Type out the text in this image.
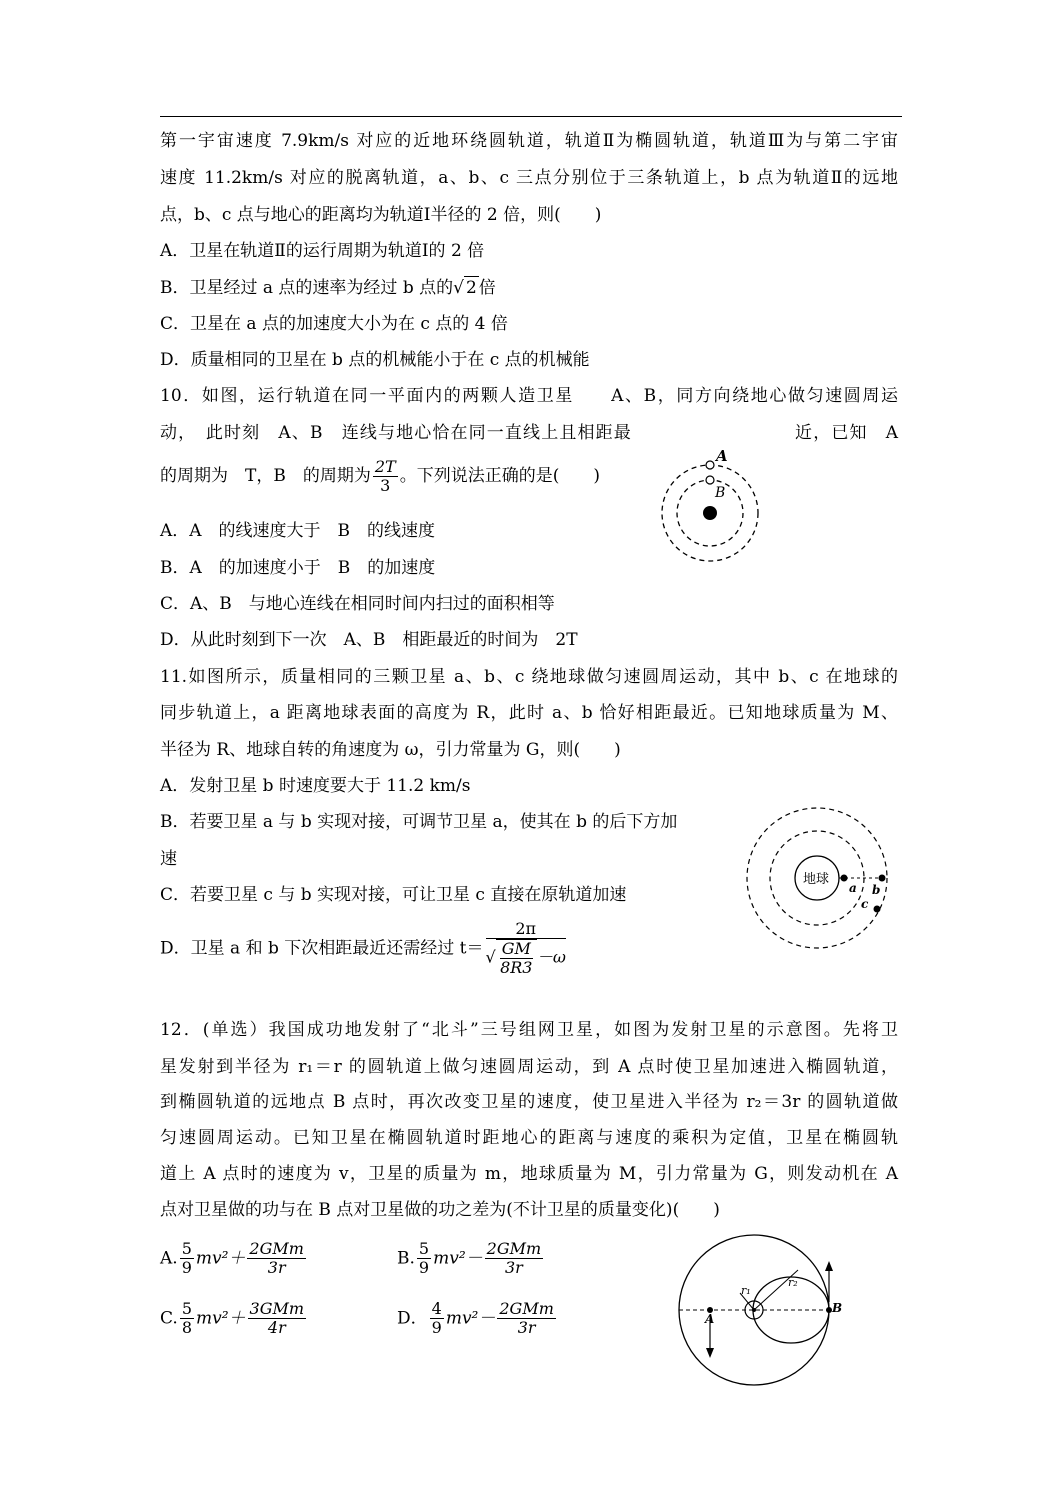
第一宇宙速度 7.9km/s 对应的近地环绕圆轨道，轨道Ⅱ为椭圆轨道，轨道Ⅲ为与第二宇宙
速度 11.2km/s 对应的脱离轨道，a、b、c 三点分别位于三条轨道上，b 点为轨道Ⅱ的远地
点，b、c 点与地心的距离均为轨道Ⅰ半径的 2 倍，则(　　)
A．卫星在轨道Ⅱ的运行周期为轨道Ⅰ的 2 倍
B．卫星经过 a 点的速率为经过 b 点的√ 2 倍
C．卫星在 a 点的加速度大小为在 c 点的 4 倍
D．质量相同的卫星在 b 点的机械能小于在 c 点的机械能
10．如图，运行轨道在同一平面内的两颗人造卫星　　A、B，同方向绕地心做匀速圆周运
动，　此时刻　A、B　连线与地心恰在同一直线上且相距最　　　　　　　　　近，已知　A
的周期为　T，B　的周期为 $\frac{2T}{3}$ 。下列说法正确的是(　　)
A．A　的线速度大于　B　的线速度
B．A　的加速度小于　B　的加速度
C．A、B　与地心连线在相同时间内扫过的面积相等
D．从此时刻到下一次　A、B　相距最近的时间为　2T
A
B
11.如图所示，质量相同的三颗卫星 a、b、c 绕地球做匀速圆周运动，其中 b、c 在地球的
同步轨道上，a 距离地球表面的高度为 R，此时 a、b 恰好相距最近。已知地球质量为 M、
半径为 R、地球自转的角速度为 ω，引力常量为 G，则(　　)
A．发射卫星 b 时速度要大于 11.2 km/s
B．若要卫星 a 与 b 实现对接，可调节卫星 a，使其在 b 的后下方加
速
C．若要卫星 c 与 b 实现对接，可让卫星 c 直接在原轨道加速
D．卫星 a 和 b 下次相距最近还需经过 $t= \frac{2\pi}{√ \frac{GM}{8R3} -\omega}$
地球
a b
c
12．(单选）我国成功地发射了“北斗”三号组网卫星，如图为发射卫星的示意图。先将卫
星发射到半径为 r₁＝r 的圆轨道上做匀速圆周运动，到 A 点时使卫星加速进入椭圆轨道，
到椭圆轨道的远地点 B 点时，再次改变卫星的速度，使卫星进入半径为 r₂＝3r 的圆轨道做
匀速圆周运动。已知卫星在椭圆轨道时距地心的距离与速度的乘积为定值，卫星在椭圆轨
道上 A 点时的速度为 v，卫星的质量为 m，地球质量为 M，引力常量为 G，则发动机在 A
点对卫星做的功与在 B 点对卫星做的功之差为(不计卫星的质量变化)(　　)
A. $\frac{5}{9} mv^2+ \frac{\text{2GMm}}{3r}$	B. $\frac{5}{9} mv^2- \frac{\text{2GMm}}{3r}$
C. $\frac{5}{8} mv^2+ \frac{\text{3GMm}}{4r}$	D． $\frac{4}{9} mv^2- \frac{\text{2GMm}}{3r}$	A
B
r₁
r₂
